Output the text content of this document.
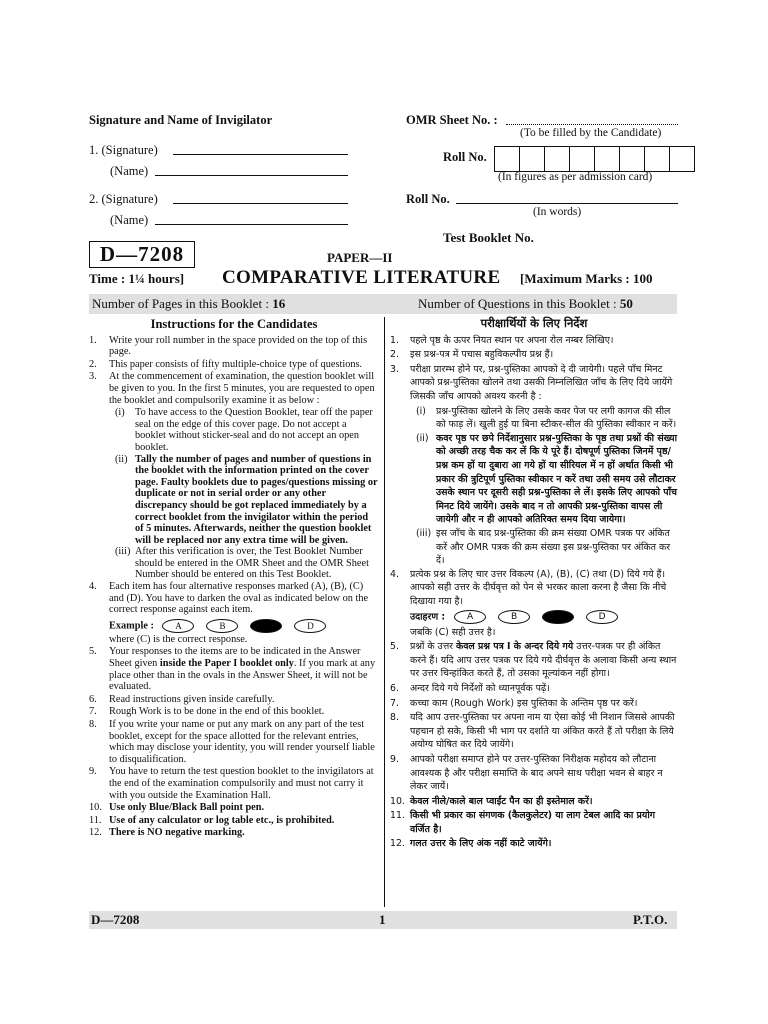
Signature and Name of Invigilator
1. (Signature)
(Name)
2. (Signature)
(Name)
OMR Sheet No. :
(To be filled by the Candidate)
Roll No.
(In figures as per admission card)
Roll No.
(In words)
Test Booklet No.
D—7208	PAPER—II
Time : 1¼ hours] COMPARATIVE LITERATURE [Maximum Marks : 100
Number of Pages in this Booklet : 16	Number of Questions in this Booklet : 50
Instructions for the Candidates
1. Write your roll number in the space provided on the top of this page.
2. This paper consists of fifty multiple-choice type of questions.
3. At the commencement of examination, the question booklet will be given to you. In the first 5 minutes, you are requested to open the booklet and compulsorily examine it as below :
(i) To have access to the Question Booklet, tear off the paper seal on the edge of this cover page. Do not accept a booklet without sticker-seal and do not accept an open booklet.
(ii) Tally the number of pages and number of questions in the booklet with the information printed on the cover page. Faulty booklets due to pages/questions missing or duplicate or not in serial order or any other discrepancy should be got replaced immediately by a correct booklet from the invigilator within the period of 5 minutes. Afterwards, neither the question booklet will be replaced nor any extra time will be given.
(iii) After this verification is over, the Test Booklet Number should be entered in the OMR Sheet and the OMR Sheet Number should be entered on this Test Booklet.
4. Each item has four alternative responses marked (A), (B), (C) and (D). You have to darken the oval as indicated below on the correct response against each item.
Example :	A	B	D
where (C) is the correct response.
5. Your responses to the items are to be indicated in the Answer Sheet given inside the Paper I booklet only. If you mark at any place other than in the ovals in the Answer Sheet, it will not be evaluated.
6. Read instructions given inside carefully.
7. Rough Work is to be done in the end of this booklet.
8. If you write your name or put any mark on any part of the test booklet, except for the space allotted for the relevant entries, which may disclose your identity, you will render yourself liable to disqualification.
9. You have to return the test question booklet to the invigilators at the end of the examination compulsorily and must not carry it with you outside the Examination Hall.
10. Use only Blue/Black Ball point pen.
11. Use of any calculator or log table etc., is prohibited.
12. There is NO negative marking.
परीक्षार्थियों के लिए निर्देश
1. पहले पृष्ठ के ऊपर नियत स्थान पर अपना रोल नम्बर लिखिए।
2. इस प्रश्न-पत्र में पचास बहुविकल्पीय प्रश्न हैं।
3. परीक्षा प्रारम्भ होने पर, प्रश्न-पुस्तिका आपको दे दी जायेगी। पहले पाँच मिनट आपको प्रश्न-पुस्तिका खोलने तथा उसकी निम्नलिखित जाँच के लिए दिये जायेंगे जिसकी जाँच आपको अवश्य करनी है :
(i) प्रश्न-पुस्तिका खोलने के लिए उसके कवर पेज पर लगी कागज की सील को फाड़ लें। खुली हुई या बिना स्टीकर-सील की पुस्तिका स्वीकार न करें।
(ii) कवर पृष्ठ पर छपे निर्देशानुसार प्रश्न-पुस्तिका के पृष्ठ तथा प्रश्नों की संख्या को अच्छी तरह चैक कर लें कि ये पूरे हैं। दोषपूर्ण पुस्तिका जिनमें पृष्ठ/प्रश्न कम हों या दुबारा आ गये हों या सीरियल में न हों अर्थात किसी भी प्रकार की त्रुटिपूर्ण पुस्तिका स्वीकार न करें तथा उसी समय उसे लौटाकर उसके स्थान पर दूसरी सही प्रश्न-पुस्तिका ले लें। इसके लिए आपको पाँच मिनट दिये जायेंगे। उसके बाद न तो आपकी प्रश्न-पुस्तिका वापस ली जायेगी और न ही आपको अतिरिक्त समय दिया जायेगा।
(iii) इस जाँच के बाद प्रश्न-पुस्तिका की क्रम संख्या OMR पत्रक पर अंकित करें और OMR पत्रक की क्रम संख्या इस प्रश्न-पुस्तिका पर अंकित कर दें।
4. प्रत्येक प्रश्न के लिए चार उत्तर विकल्प (A), (B), (C) तथा (D) दिये गये हैं। आपको सही उत्तर के दीर्घवृत्त को पेन से भरकर काला करना है जैसा कि नीचे दिखाया गया है।
उदाहरण :	A	B	D
जबकि (C) सही उत्तर है।
5. प्रश्नों के उत्तर केवल प्रश्न पत्र I के अन्दर दिये गये उत्तर-पत्रक पर ही अंकित करने हैं। यदि आप उत्तर पत्रक पर दिये गये दीर्घवृत्त के अलावा किसी अन्य स्थान पर उत्तर चिन्हांकित करते हैं, तो उसका मूल्यांकन नहीं होगा।
6. अन्दर दिये गये निर्देशों को ध्यानपूर्वक पढ़ें।
7. कच्चा काम (Rough Work) इस पुस्तिका के अन्तिम पृष्ठ पर करें।
8. यदि आप उत्तर-पुस्तिका पर अपना नाम या ऐसा कोई भी निशान जिससे आपकी पहचान हो सके, किसी भी भाग पर दर्शाते या अंकित करते हैं तो परीक्षा के लिये अयोग्य घोषित कर दिये जायेंगे।
9. आपको परीक्षा समाप्त होने पर उत्तर-पुस्तिका निरीक्षक महोदय को लौटाना आवश्यक है और परीक्षा समाप्ति के बाद अपने साथ परीक्षा भवन से बाहर न लेकर जायें।
10. केवल नीले/काले बाल प्वाईंट पैन का ही इस्तेमाल करें।
11. किसी भी प्रकार का संगणक (कैलकुलेटर) या लाग टेबल आदि का प्रयोग वर्जित है।
12. गलत उत्तर के लिए अंक नहीं काटे जायेंगे।
D—7208	1	P.T.O.
